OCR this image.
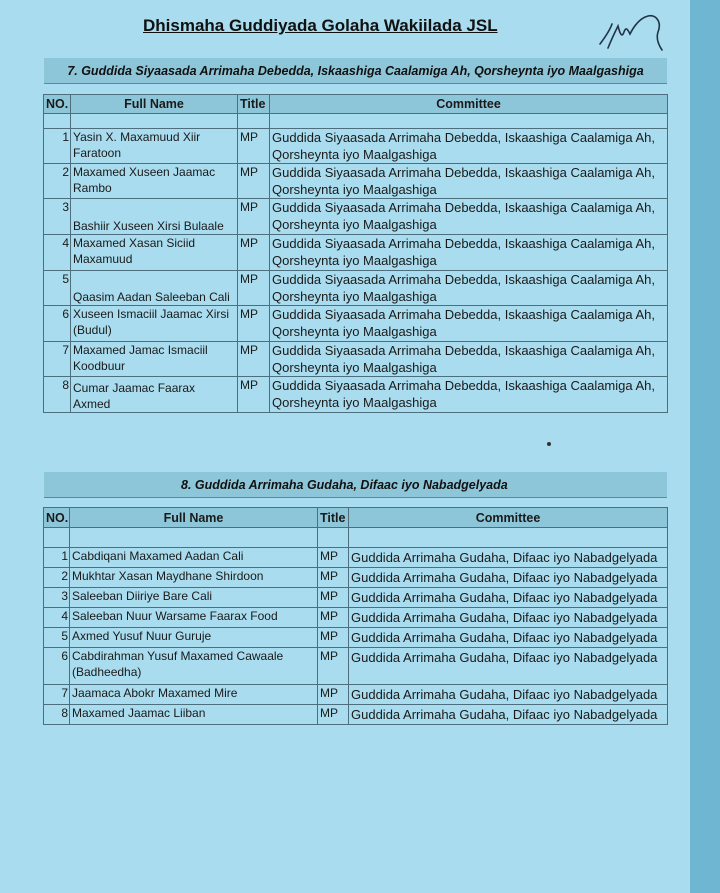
Dhismaha Guddiyada Golaha Wakiilada JSL
7. Guddida Siyaasada Arrimaha Debedda, Iskaashiga Caalamiga Ah, Qorsheynta iyo Maalgashiga
NO.	Full Name	Title	Committee

1	Yasin X. Maxamuud Xiir Faratoon	MP	Guddida Siyaasada Arrimaha Debedda, Iskaashiga Caalamiga Ah, Qorsheynta iyo Maalgashiga
2	Maxamed Xuseen Jaamac Rambo	MP	Guddida Siyaasada Arrimaha Debedda, Iskaashiga Caalamiga Ah, Qorsheynta iyo Maalgashiga
3	Bashiir Xuseen Xirsi Bulaale	MP	Guddida Siyaasada Arrimaha Debedda, Iskaashiga Caalamiga Ah, Qorsheynta iyo Maalgashiga
4	Maxamed Xasan Siciid Maxamuud	MP	Guddida Siyaasada Arrimaha Debedda, Iskaashiga Caalamiga Ah, Qorsheynta iyo Maalgashiga
5	Qaasim Aadan Saleeban Cali	MP	Guddida Siyaasada Arrimaha Debedda, Iskaashiga Caalamiga Ah, Qorsheynta iyo Maalgashiga
6	Xuseen Ismaciil Jaamac Xirsi (Budul)	MP	Guddida Siyaasada Arrimaha Debedda, Iskaashiga Caalamiga Ah, Qorsheynta iyo Maalgashiga
7	Maxamed Jamac Ismaciil Koodbuur	MP	Guddida Siyaasada Arrimaha Debedda, Iskaashiga Caalamiga Ah, Qorsheynta iyo Maalgashiga
8	Cumar Jaamac Faarax Axmed	MP	Guddida Siyaasada Arrimaha Debedda, Iskaashiga Caalamiga Ah, Qorsheynta iyo Maalgashiga
8. Guddida Arrimaha Gudaha, Difaac iyo Nabadgelyada
NO.	Full Name	Title	Committee

1	Cabdiqani Maxamed Aadan Cali	MP	Guddida Arrimaha Gudaha, Difaac iyo Nabadgelyada
2	Mukhtar Xasan Maydhane Shirdoon	MP	Guddida Arrimaha Gudaha, Difaac iyo Nabadgelyada
3	Saleeban Diiriye Bare Cali	MP	Guddida Arrimaha Gudaha, Difaac iyo Nabadgelyada
4	Saleeban Nuur Warsame Faarax Food	MP	Guddida Arrimaha Gudaha, Difaac iyo Nabadgelyada
5	Axmed Yusuf Nuur Guruje	MP	Guddida Arrimaha Gudaha, Difaac iyo Nabadgelyada
6	Cabdirahman Yusuf Maxamed Cawaale (Badheedha)	MP	Guddida Arrimaha Gudaha, Difaac iyo Nabadgelyada
7	Jaamaca Abokr Maxamed Mire	MP	Guddida Arrimaha Gudaha, Difaac iyo Nabadgelyada
8	Maxamed Jaamac Liiban	MP	Guddida Arrimaha Gudaha, Difaac iyo Nabadgelyada
